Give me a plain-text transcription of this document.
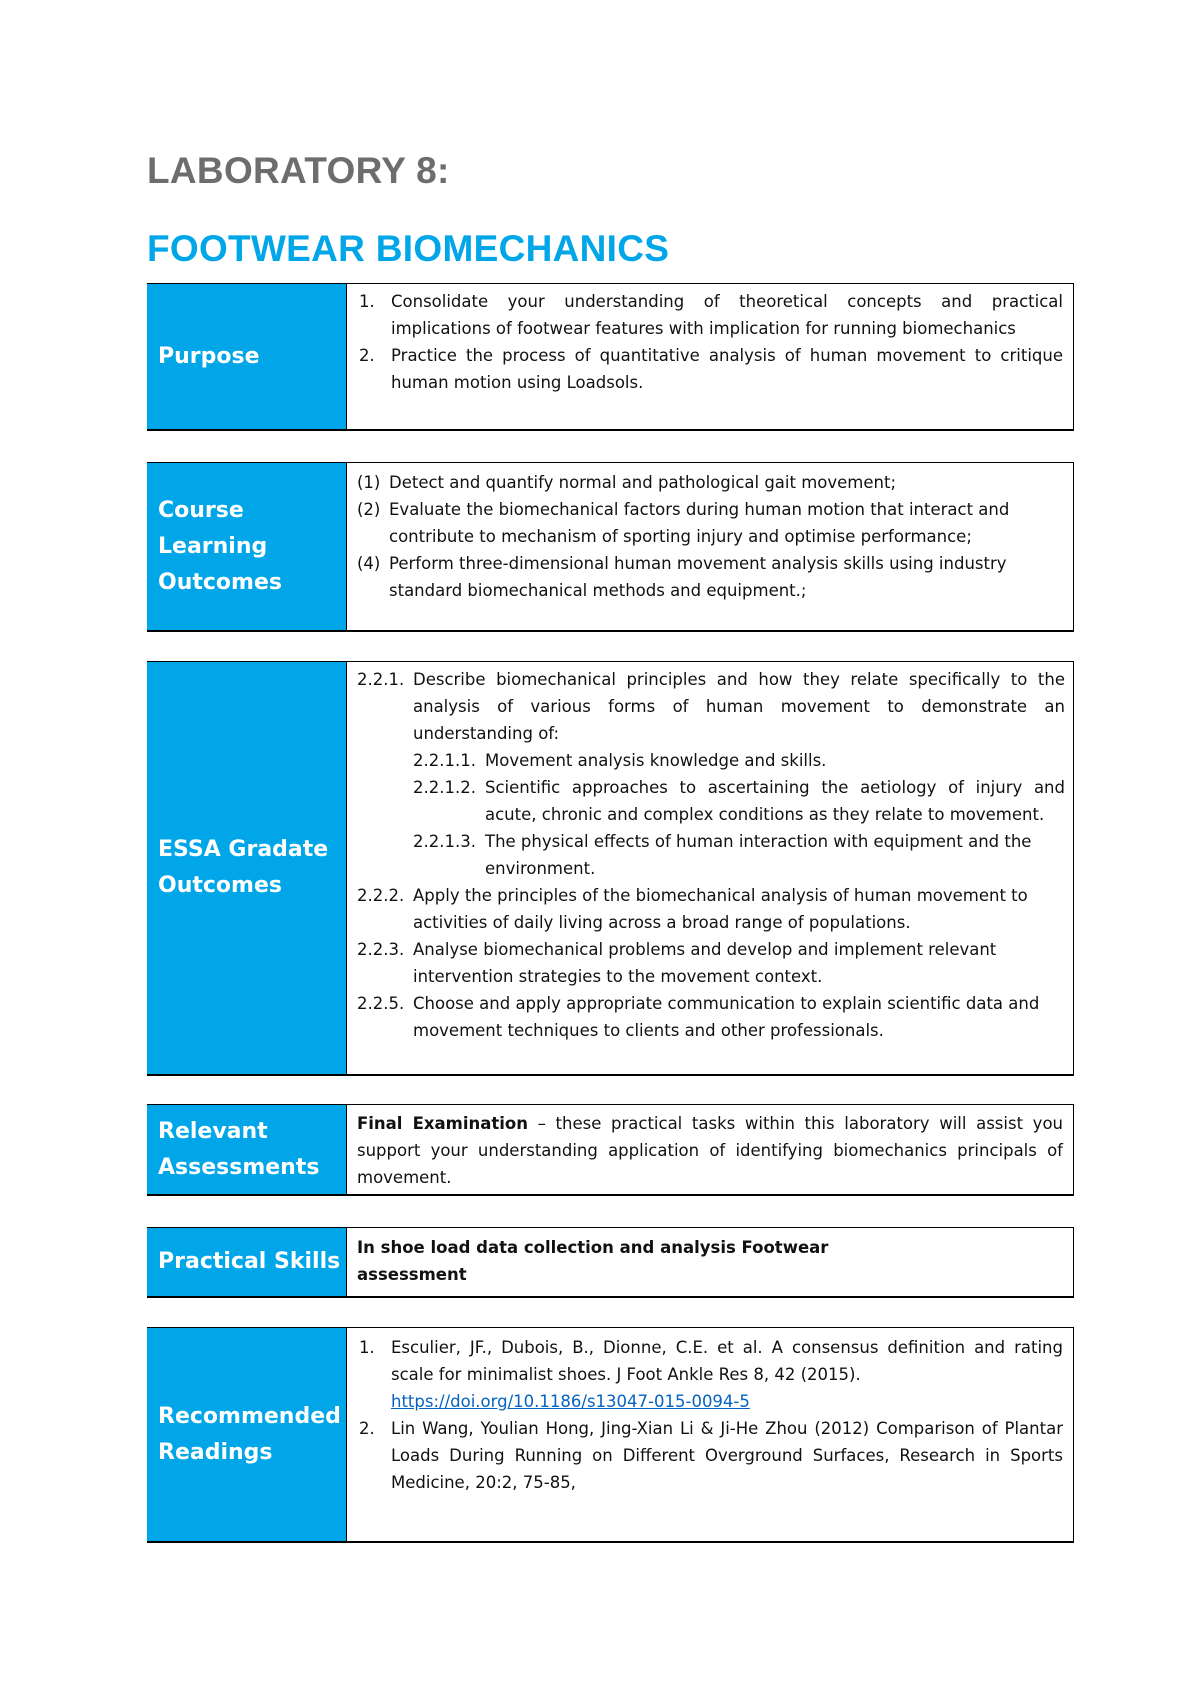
LABORATORY 8:
FOOTWEAR BIOMECHANICS
Purpose
1. Consolidate your understanding of theoretical concepts and practical implications of footwear features with implication for running biomechanics
2. Practice the process of quantitative analysis of human movement to critique human motion using Loadsols.
Course
Learning
Outcomes
(1) Detect and quantify normal and pathological gait movement;
(2) Evaluate the biomechanical factors during human motion that interact and contribute to mechanism of sporting injury and optimise performance;
(4) Perform three-dimensional human movement analysis skills using industry standard biomechanical methods and equipment.;
ESSA Gradate
Outcomes
2.2.1. Describe biomechanical principles and how they relate specifically to the analysis of various forms of human movement to demonstrate an understanding of:
2.2.1.1. Movement analysis knowledge and skills.
2.2.1.2. Scientific approaches to ascertaining the aetiology of injury and acute, chronic and complex conditions as they relate to movement.
2.2.1.3. The physical effects of human interaction with equipment and the environment.
2.2.2. Apply the principles of the biomechanical analysis of human movement to activities of daily living across a broad range of populations.
2.2.3. Analyse biomechanical problems and develop and implement relevant intervention strategies to the movement context.
2.2.5. Choose and apply appropriate communication to explain scientific data and movement techniques to clients and other professionals.
Relevant
Assessments
Final Examination – these practical tasks within this laboratory will assist you support your understanding application of identifying biomechanics principals of movement.
Practical Skills
In shoe load data collection and analysis Footwear assessment
Recommended
Readings
1. Esculier, JF., Dubois, B., Dionne, C.E. et al. A consensus definition and rating scale for minimalist shoes. J Foot Ankle Res 8, 42 (2015).
https://doi.org/10.1186/s13047-015-0094-5
2. Lin Wang, Youlian Hong, Jing-Xian Li & Ji-He Zhou (2012) Comparison of Plantar Loads During Running on Different Overground Surfaces, Research in Sports Medicine, 20:2, 75-85,
